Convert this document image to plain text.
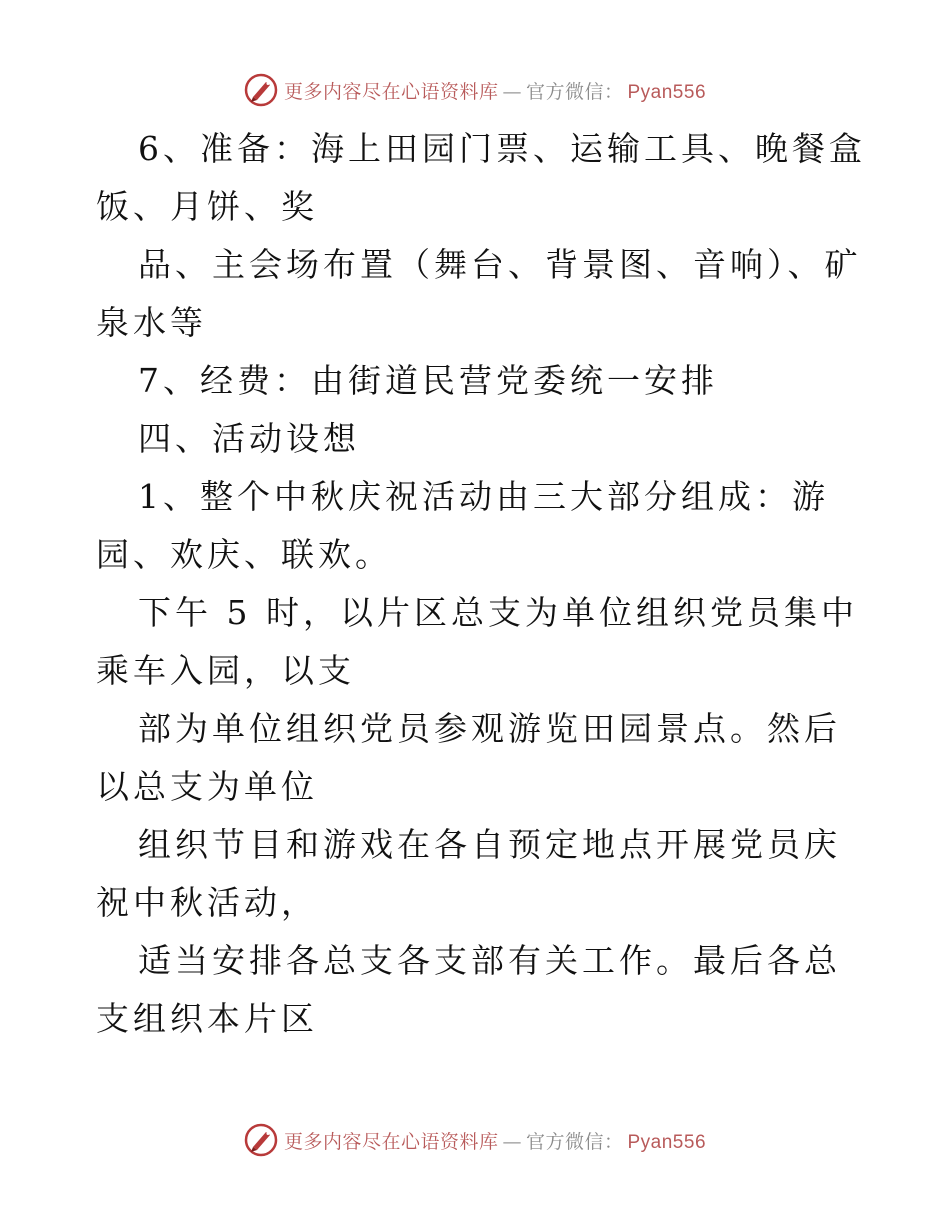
更多内容尽在心语资料库 — 官方微信： Pyan556

6、准备：海上田园门票、运输工具、晚餐盒饭、月饼、奖

品、主会场布置（舞台、背景图、音响）、矿泉水等

7、经费：由街道民营党委统一安排

四、活动设想

1、整个中秋庆祝活动由三大部分组成：游园、欢庆、联欢。

下午 5 时，以片区总支为单位组织党员集中乘车入园，以支

部为单位组织党员参观游览田园景点。然后以总支为单位

组织节目和游戏在各自预定地点开展党员庆祝中秋活动，

适当安排各总支各支部有关工作。最后各总支组织本片区

更多内容尽在心语资料库 — 官方微信： Pyan556
